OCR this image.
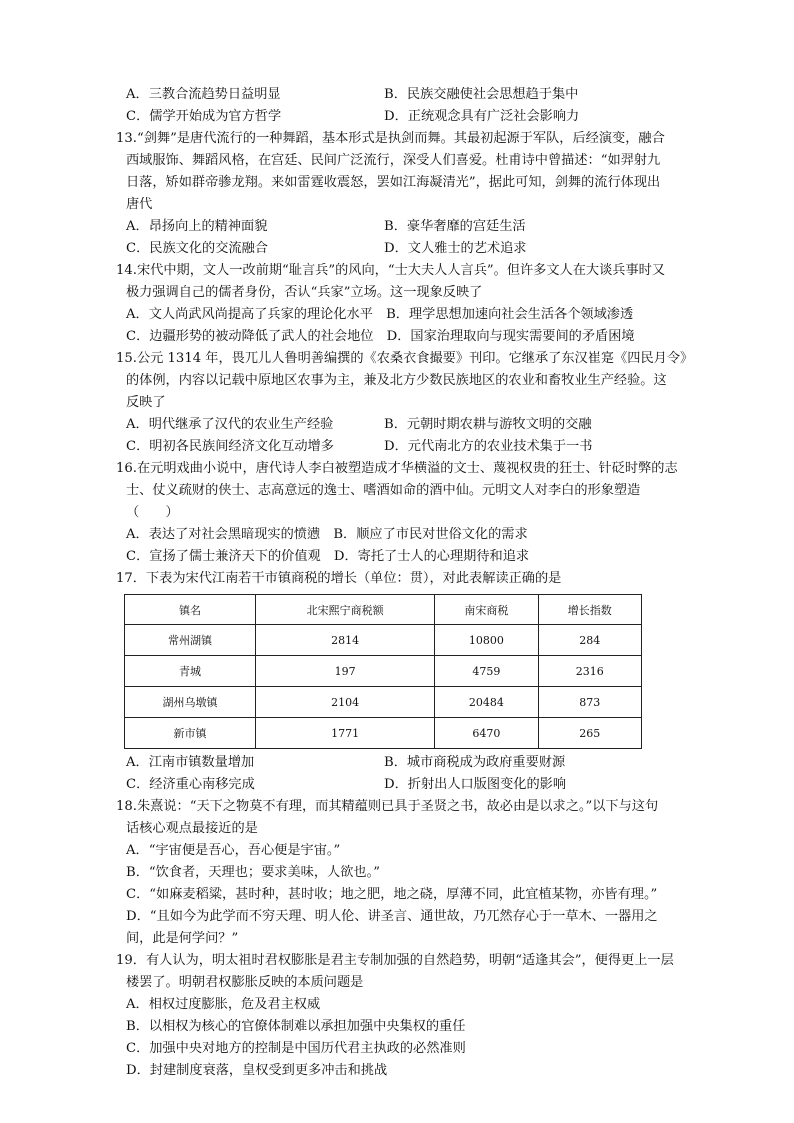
A．三教合流趋势日益明显	B．民族交融使社会思想趋于集中
C．儒学开始成为官方哲学	D．正统观念具有广泛社会影响力
13.“剑舞”是唐代流行的一种舞蹈，基本形式是执剑而舞。其最初起源于军队，后经演变，融合
西域服饰、舞蹈风格，在宫廷、民间广泛流行，深受人们喜爱。杜甫诗中曾描述：“如羿射九
日落，矫如群帝骖龙翔。来如雷霆收震怒，罢如江海凝清光”，据此可知，剑舞的流行体现出
唐代
A．昂扬向上的精神面貌	B．豪华奢靡的宫廷生活
C．民族文化的交流融合	D．文人雅士的艺术追求
14.宋代中期，文人一改前期“耻言兵”的风向，“士大夫人人言兵”。但许多文人在大谈兵事时又
极力强调自己的儒者身份，否认“兵家”立场。这一现象反映了
A．文人尚武风尚提高了兵家的理论化水平　B．理学思想加速向社会生活各个领域渗透
C．边疆形势的被动降低了武人的社会地位　D．国家治理取向与现实需要间的矛盾困境
15.公元 1314 年，畏兀儿人鲁明善编撰的《农桑衣食撮要》刊印。它继承了东汉崔寔《四民月令》
的体例，内容以记载中原地区农事为主，兼及北方少数民族地区的农业和畜牧业生产经验。这
反映了
A．明代继承了汉代的农业生产经验	B．元朝时期农耕与游牧文明的交融
C．明初各民族间经济文化互动增多	D．元代南北方的农业技术集于一书
16.在元明戏曲小说中，唐代诗人李白被塑造成才华横溢的文士、蔑视权贵的狂士、针砭时弊的志
士、仗义疏财的侠士、志高意远的逸士、嗜酒如命的酒中仙。元明文人对李白的形象塑造
（　　）
A．表达了对社会黑暗现实的愤懑　B．顺应了市民对世俗文化的需求
C．宣扬了儒士兼济天下的价值观　D．寄托了士人的心理期待和追求
17．下表为宋代江南若干市镇商税的增长（单位：贯），对此表解读正确的是
镇名	北宋熙宁商税额	南宋商税	增长指数
常州湖镇	2814	10800	284
青城	197	4759	2316
湖州乌墩镇	2104	20484	873
新市镇	1771	6470	265
A．江南市镇数量增加	B．城市商税成为政府重要财源
C．经济重心南移完成	D．折射出人口版图变化的影响
18.朱熹说：“天下之物莫不有理，而其精蕴则已具于圣贤之书，故必由是以求之。”以下与这句
话核心观点最接近的是
A．“宇宙便是吾心，吾心便是宇宙。”
B．“饮食者，天理也；要求美味，人欲也。”
C．“如麻麦稻粱，甚时种，甚时收；地之肥，地之硗，厚薄不同，此宜植某物，亦皆有理。”
D．“且如今为此学而不穷天理、明人伦、讲圣言、通世故，乃兀然存心于一草木、一器用之
间，此是何学问？”
19．有人认为，明太祖时君权膨胀是君主专制加强的自然趋势，明朝“适逢其会”，便得更上一层
楼罢了。明朝君权膨胀反映的本质问题是
A．相权过度膨胀，危及君主权威
B．以相权为核心的官僚体制难以承担加强中央集权的重任
C．加强中央对地方的控制是中国历代君主执政的必然准则
D．封建制度衰落，皇权受到更多冲击和挑战
